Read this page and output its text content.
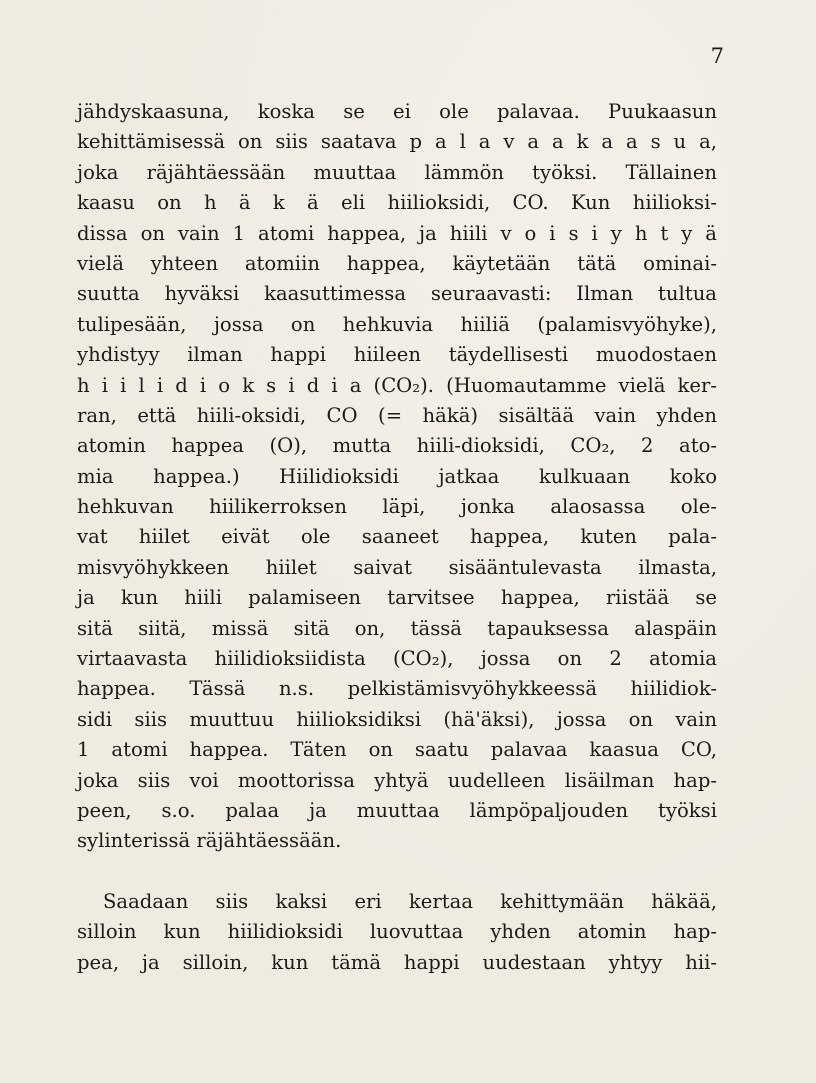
7

jähdyskaasuna, koska se ei ole palavaa. Puukaasun
kehittämisessä on siis saatava p a l a v a a k a a s u a,
joka räjähtäessään muuttaa lämmön työksi. Tällainen
kaasu on h ä k ä eli hiilioksidi, CO. Kun hiilioksi-
dissa on vain 1 atomi happea, ja hiili v o i s i y h t y ä
vielä yhteen atomiin happea, käytetään tätä ominai-
suutta hyväksi kaasuttimessa seuraavasti: Ilman tultua
tulipesään, jossa on hehkuvia hiiliä (palamisvyöhyke),
yhdistyy ilman happi hiileen täydellisesti muodostaen
h i i l i d i o k s i d i a (CO₂). (Huomautamme vielä ker-
ran, että hiili-oksidi, CO (= häkä) sisältää vain yhden
atomin happea (O), mutta hiili-dioksidi, CO₂, 2 ato-
mia happea.) Hiilidioksidi jatkaa kulkuaan koko
hehkuvan hiilikerroksen läpi, jonka alaosassa ole-
vat hiilet eivät ole saaneet happea, kuten pala-
misvyöhykkeen hiilet saivat sisääntulevasta ilmasta,
ja kun hiili palamiseen tarvitsee happea, riistää se
sitä siitä, missä sitä on, tässä tapauksessa alaspäin
virtaavasta hiilidioksiidista (CO₂), jossa on 2 atomia
happea. Tässä n.s. pelkistämisvyöhykkeessä hiilidiok-
sidi siis muuttuu hiilioksidiksi (hä'äksi), jossa on vain
1 atomi happea. Täten on saatu palavaa kaasua CO,
joka siis voi moottorissa yhtyä uudelleen lisäilman hap-
peen, s.o. palaa ja muuttaa lämpöpaljouden työksi
sylinterissä räjähtäessään.

Saadaan siis kaksi eri kertaa kehittymään häkää,
silloin kun hiilidioksidi luovuttaa yhden atomin hap-
pea, ja silloin, kun tämä happi uudestaan yhtyy hii-
